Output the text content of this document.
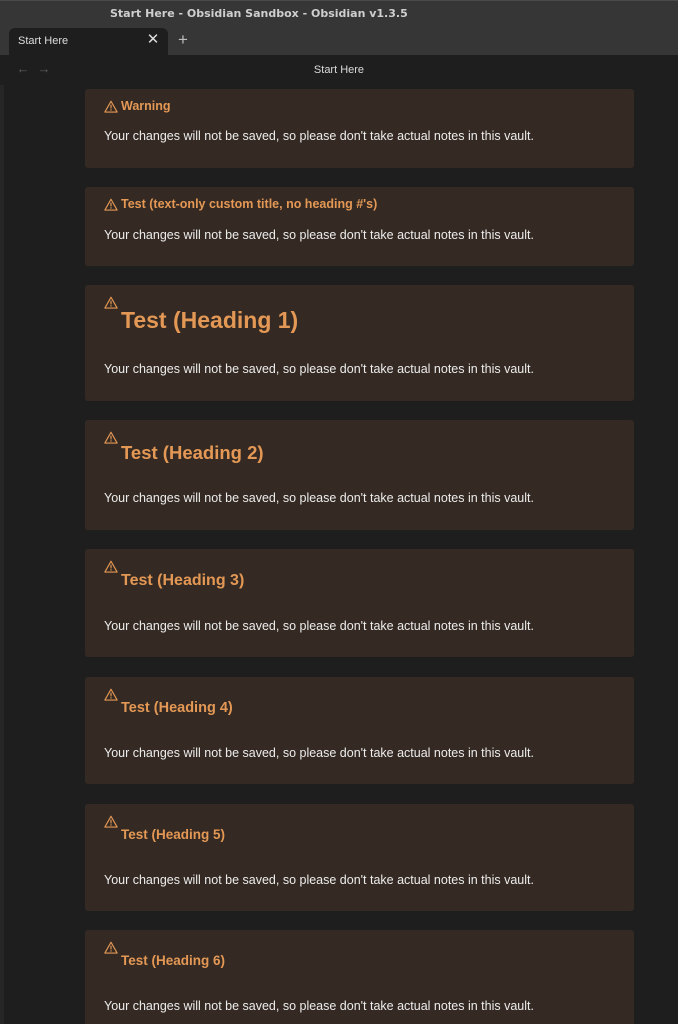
Start Here - Obsidian Sandbox - Obsidian v1.3.5
Start Here	✕ +
← →	Start Here
Warning
Your changes will not be saved, so please don't take actual notes in this vault.
Test (text-only custom title, no heading #'s)
Your changes will not be saved, so please don't take actual notes in this vault.
Test (Heading 1)
Your changes will not be saved, so please don't take actual notes in this vault.
Test (Heading 2)
Your changes will not be saved, so please don't take actual notes in this vault.
Test (Heading 3)
Your changes will not be saved, so please don't take actual notes in this vault.
Test (Heading 4)
Your changes will not be saved, so please don't take actual notes in this vault.
Test (Heading 5)
Your changes will not be saved, so please don't take actual notes in this vault.
Test (Heading 6)
Your changes will not be saved, so please don't take actual notes in this vault.
